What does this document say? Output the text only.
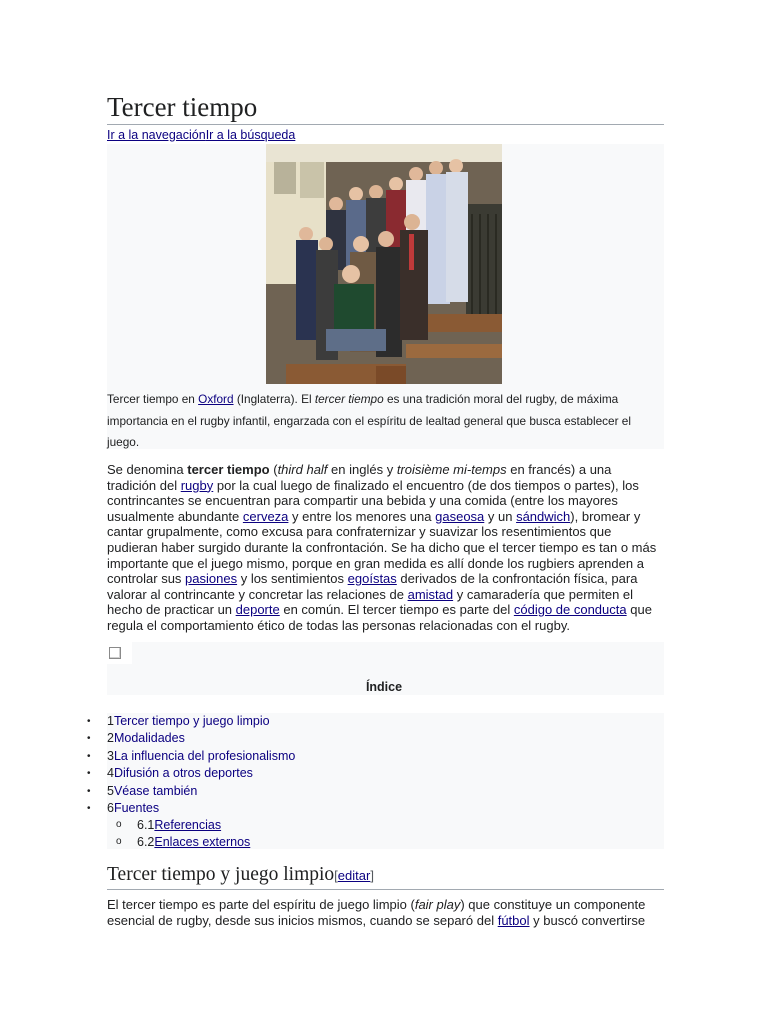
Tercer tiempo
Ir a la navegaciónIr a la búsqueda
Tercer tiempo en Oxford (Inglaterra). El tercer tiempo es una tradición moral del rugby, de máxima importancia en el rugby infantil, engarzada con el espíritu de lealtad general que busca establecer el juego.
Se denomina tercer tiempo (third half en inglés y troisième mi-temps en francés) a una tradición del rugby por la cual luego de finalizado el encuentro (de dos tiempos o partes), los contrincantes se encuentran para compartir una bebida y una comida (entre los mayores usualmente abundante cerveza y entre los menores una gaseosa y un sándwich), bromear y cantar grupalmente, como excusa para confraternizar y suavizar los resentimientos que pudieran haber surgido durante la confrontación. Se ha dicho que el tercer tiempo es tan o más importante que el juego mismo, porque en gran medida es allí donde los rugbiers aprenden a controlar sus pasiones y los sentimientos egoístas derivados de la confrontación física, para valorar al contrincante y concretar las relaciones de amistad y camaradería que permiten el hecho de practicar un deporte en común. El tercer tiempo es parte del código de conducta que regula el comportamiento ético de todas las personas relacionadas con el rugby.
Índice
•	1Tercer tiempo y juego limpio
•	2Modalidades
•	3La influencia del profesionalismo
•	4Difusión a otros deportes
•	5Véase también
•	6Fuentes
o 6.1Referencias
o 6.2Enlaces externos
Tercer tiempo y juego limpio[editar]
El tercer tiempo es parte del espíritu de juego limpio (fair play) que constituye un componente esencial de rugby, desde sus inicios mismos, cuando se separó del fútbol y buscó convertirse
